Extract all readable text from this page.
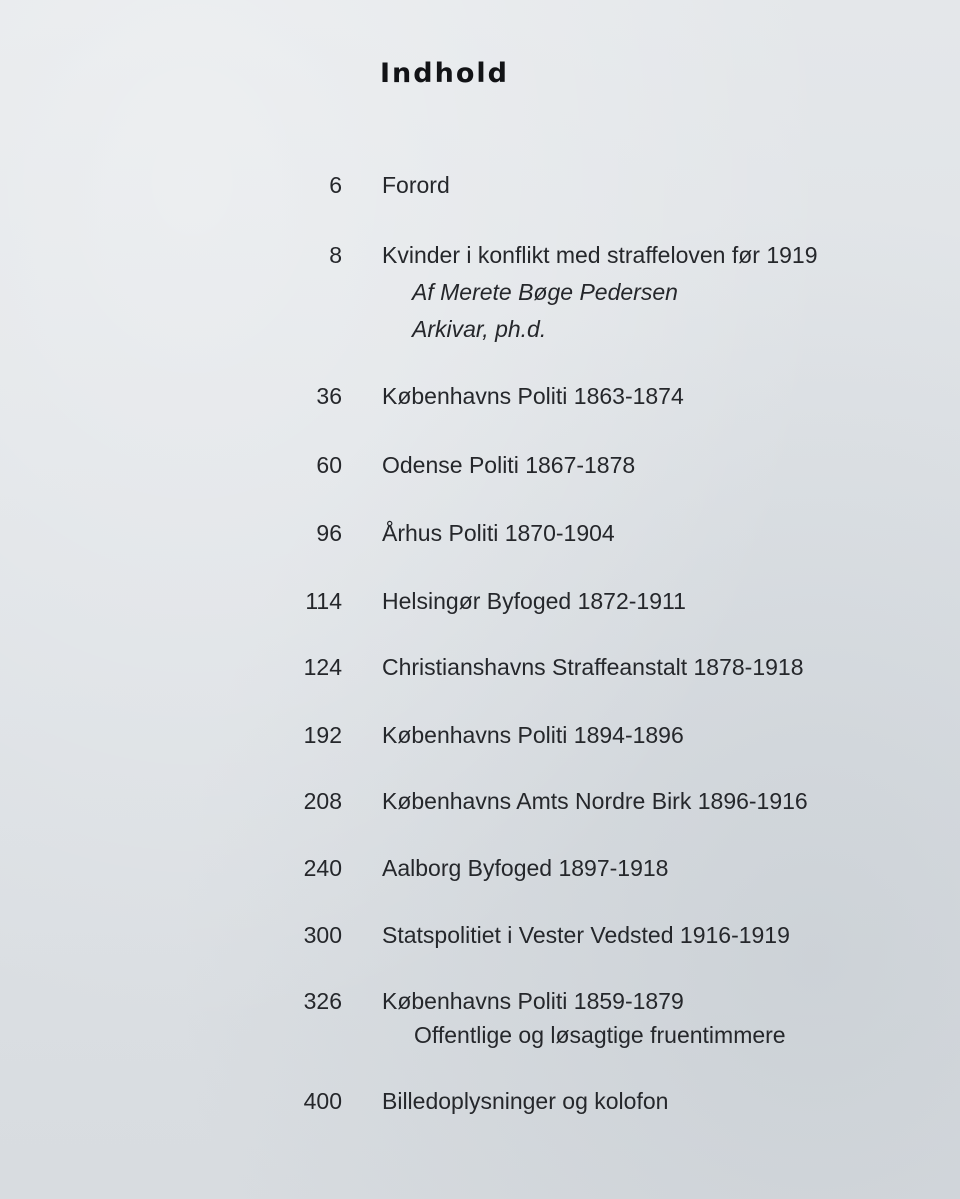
Indhold
6 Forord
8 Kvinder i konflikt med straffeloven før 1919
Af Merete Bøge Pedersen
Arkivar, ph.d.
36 Københavns Politi 1863-1874
60 Odense Politi 1867-1878
96 Århus Politi 1870-1904
114 Helsingør Byfoged 1872-1911
124 Christianshavns Straffeanstalt 1878-1918
192 Københavns Politi 1894-1896
208 Københavns Amts Nordre Birk 1896-1916
240 Aalborg Byfoged 1897-1918
300 Statspolitiet i Vester Vedsted 1916-1919
326 Københavns Politi 1859-1879
Offentlige og løsagtige fruentimmere
400 Billedoplysninger og kolofon
